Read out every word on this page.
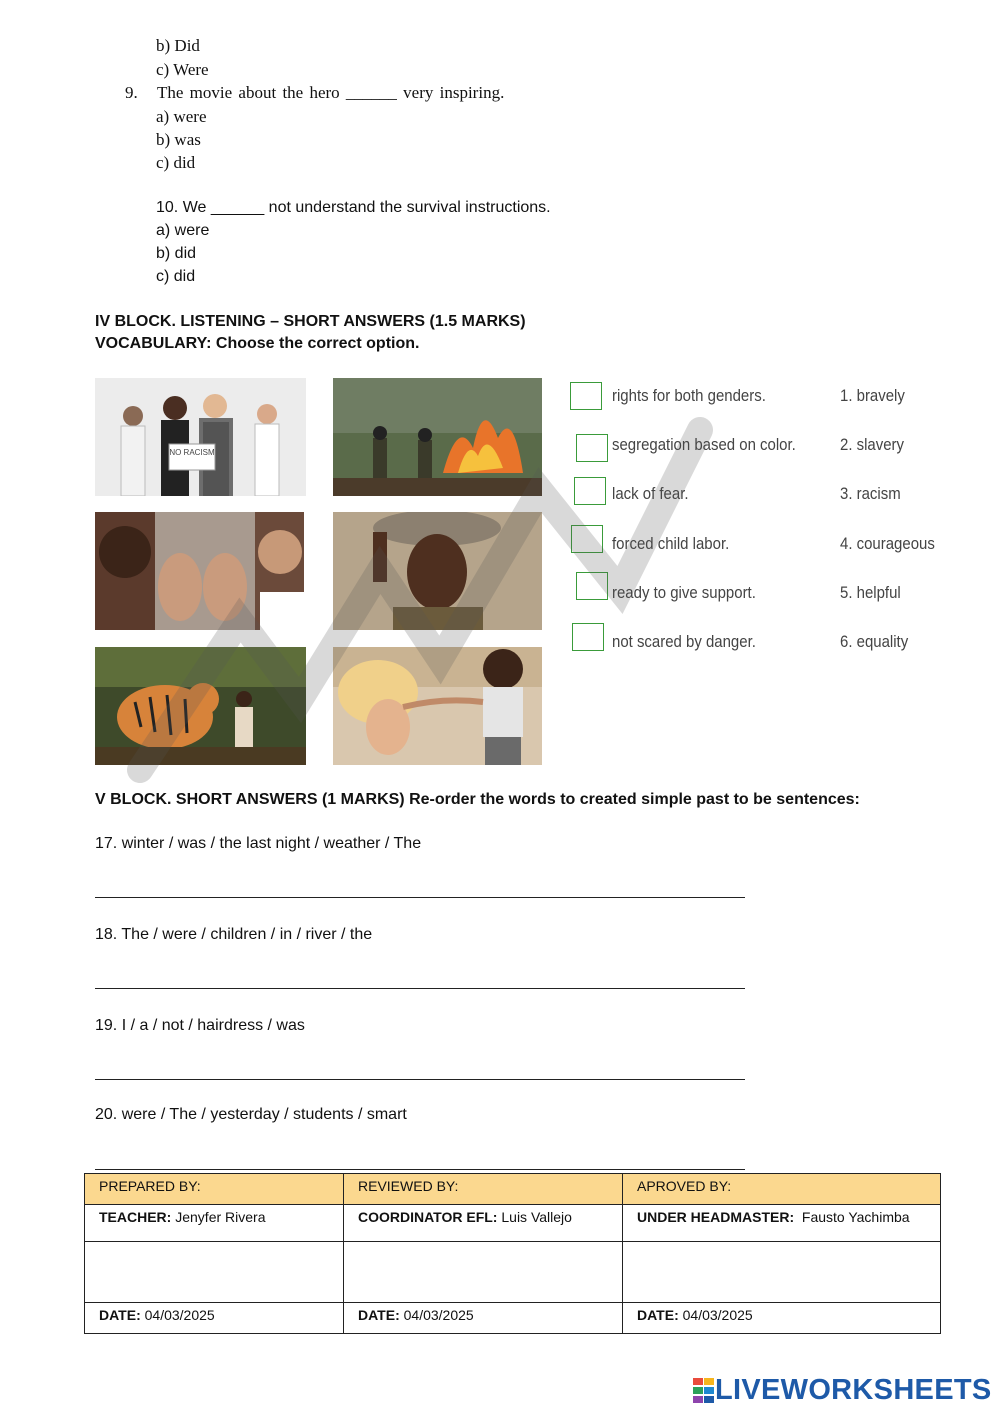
b) Did
c) Were
9. The movie about the hero ______ very inspiring.
a) were
b) was
c) did
10. We ______ not understand the survival instructions.
a) were
b) did
c) did
IV BLOCK. LISTENING – SHORT ANSWERS (1.5 MARKS)
VOCABULARY: Choose the correct option.
NO RACISM
rights for both genders.	1. bravely
segregation based on color.	2. slavery
lack of fear.	3. racism
forced child labor.	4. courageous
ready to give support.	5. helpful
not scared by danger.	6. equality
V BLOCK. SHORT ANSWERS (1 MARKS) Re-order the words to created simple past to be sentences:
17. winter / was / the last night / weather / The
18. The / were / children / in / river / the
19. I / a / not / hairdress / was
20. were / The / yesterday / students / smart
PREPARED BY:	REVIEWED BY:	APROVED BY:
TEACHER: Jenyfer Rivera	COORDINATOR EFL: Luis Vallejo	UNDER HEADMASTER: Fausto Yachimba

DATE: 04/03/2025	DATE: 04/03/2025	DATE: 04/03/2025
LIVEWORKSHEETS
